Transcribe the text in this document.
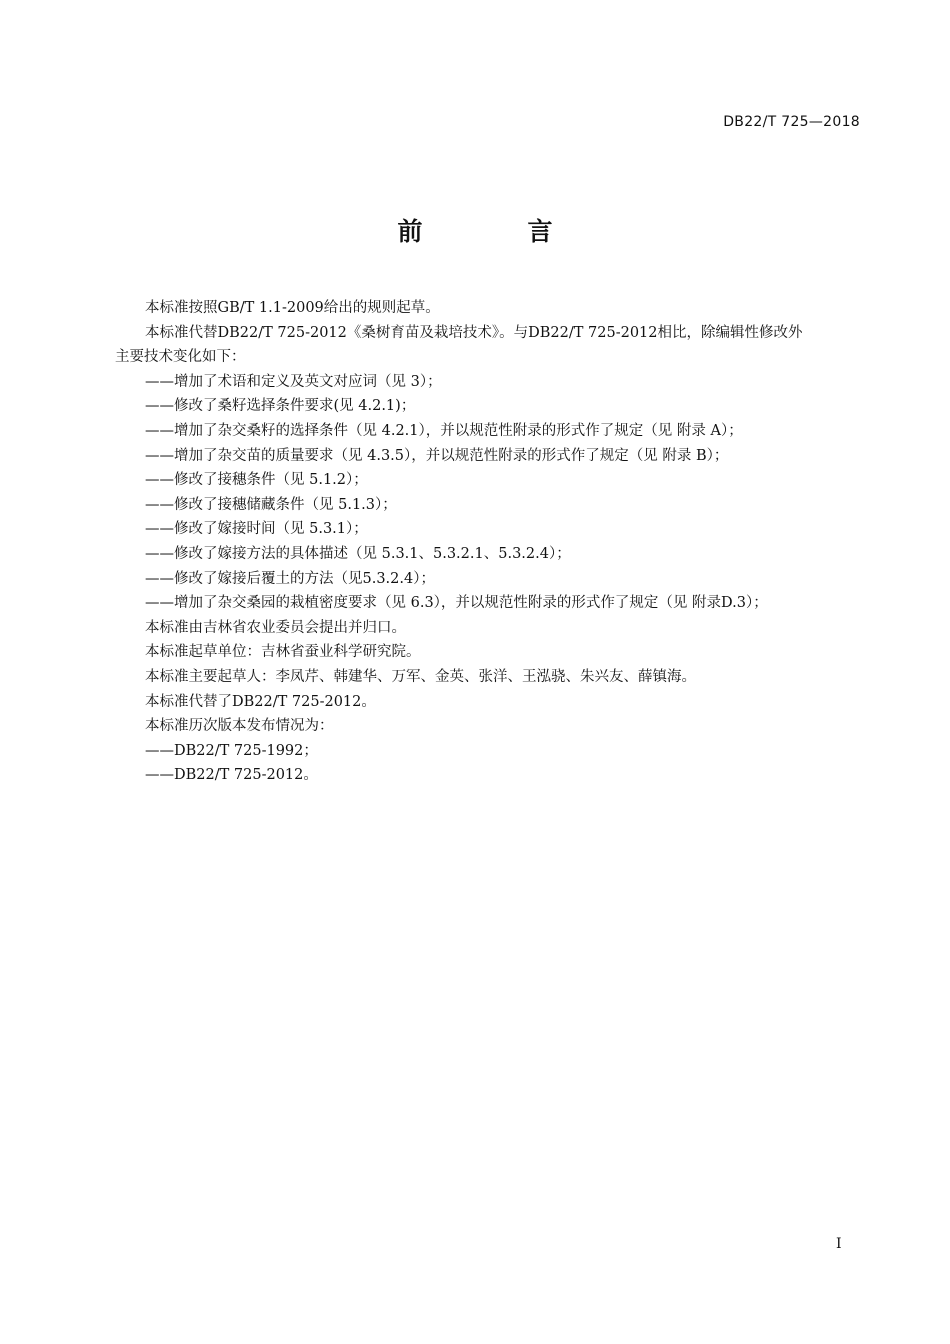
DB22/T 725—2018
前　言
本标准按照GB/T 1.1-2009给出的规则起草。
本标准代替DB22/T 725-2012《桑树育苗及栽培技术》。与DB22/T 725-2012相比，除编辑性修改外
主要技术变化如下：
——增加了术语和定义及英文对应词（见 3）；
——修改了桑籽选择条件要求(见 4.2.1)；
——增加了杂交桑籽的选择条件（见 4.2.1），并以规范性附录的形式作了规定（见 附录 A）；
——增加了杂交苗的质量要求（见 4.3.5），并以规范性附录的形式作了规定（见 附录 B）；
——修改了接穗条件（见 5.1.2）；
——修改了接穗储藏条件（见 5.1.3）；
——修改了嫁接时间（见 5.3.1）；
——修改了嫁接方法的具体描述（见 5.3.1、5.3.2.1、5.3.2.4）；
——修改了嫁接后覆土的方法（见5.3.2.4）；
——增加了杂交桑园的栽植密度要求（见 6.3），并以规范性附录的形式作了规定（见 附录D.3）；
本标准由吉林省农业委员会提出并归口。
本标准起草单位：吉林省蚕业科学研究院。
本标准主要起草人：李凤芹、韩建华、万军、金英、张洋、王泓骁、朱兴友、薛镇海。
本标准代替了DB22/T 725-2012。
本标准历次版本发布情况为：
——DB22/T 725-1992；
——DB22/T 725-2012。
I
